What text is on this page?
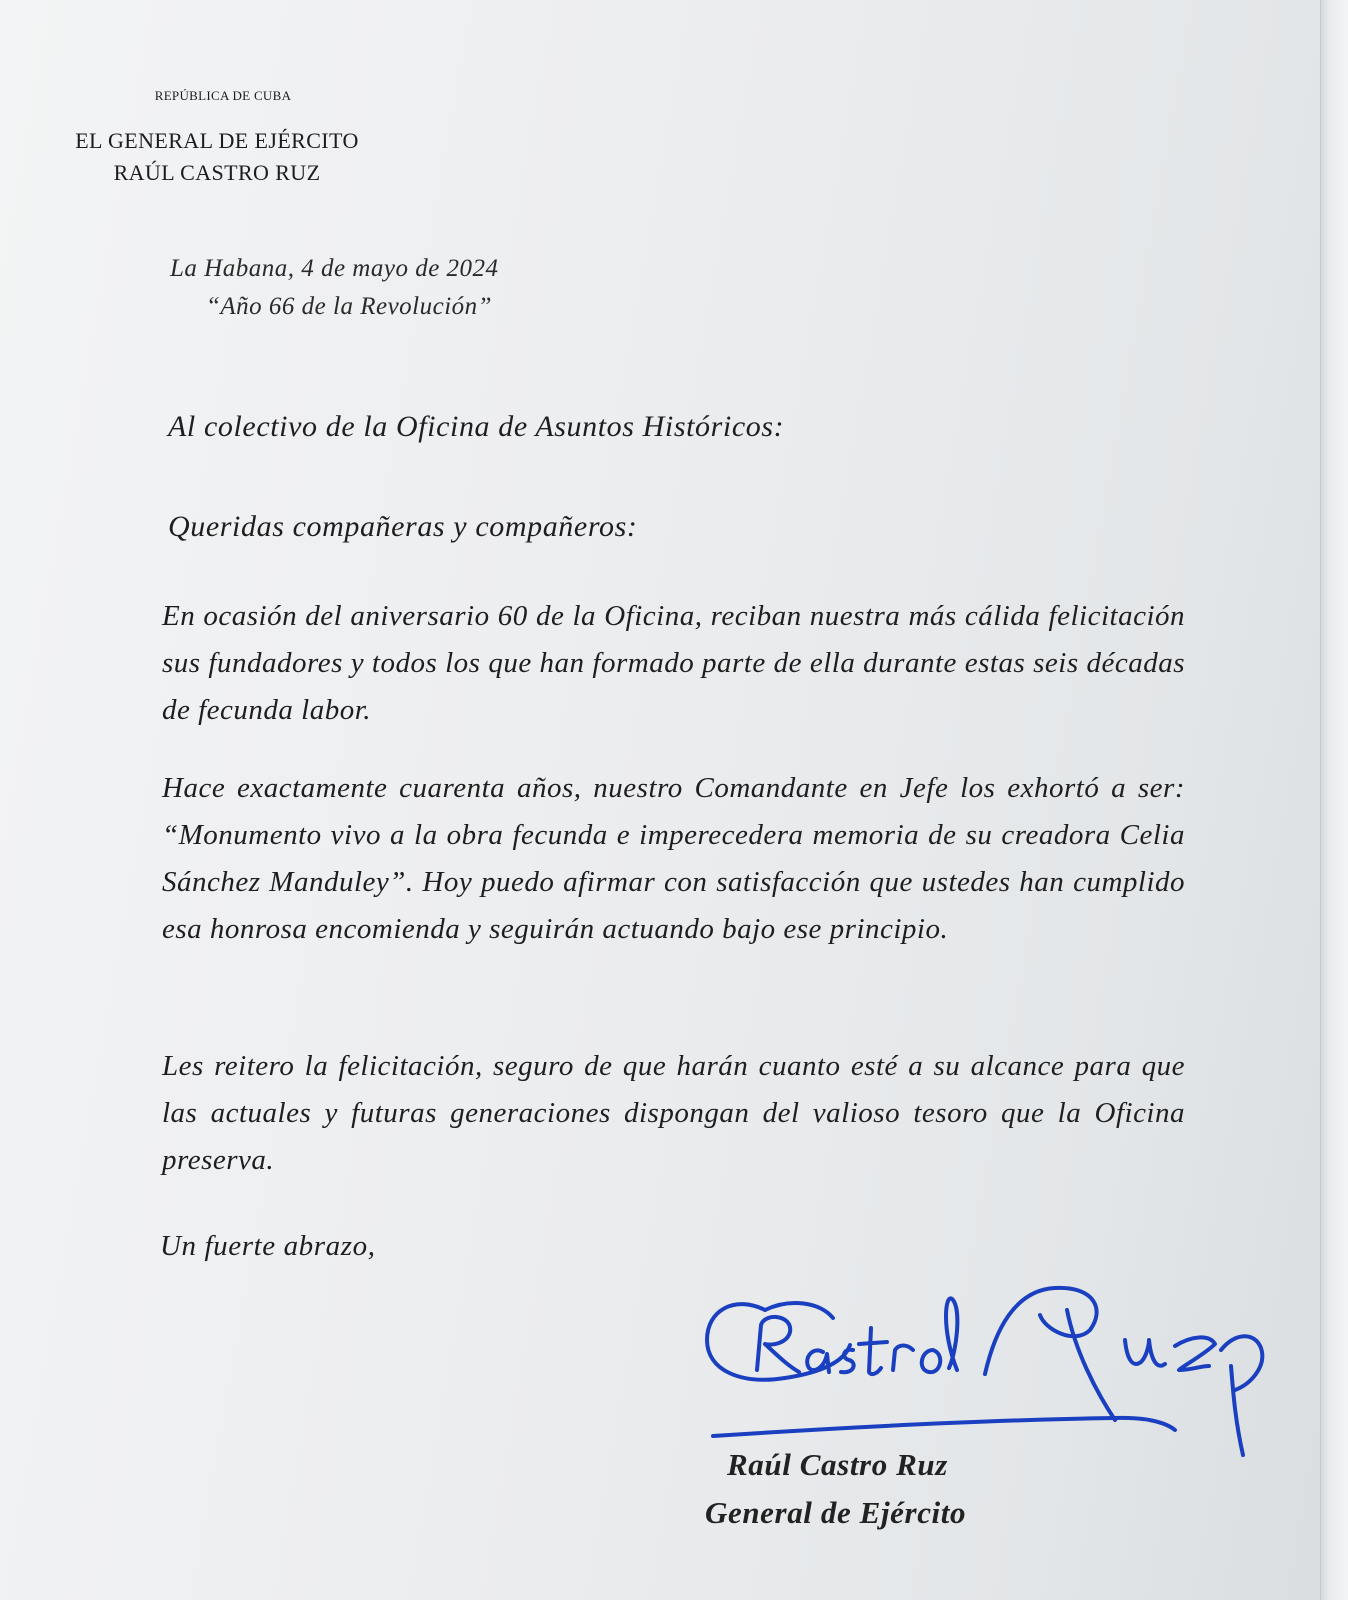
REPÚBLICA DE CUBA
EL GENERAL DE EJÉRCITO
RAÚL CASTRO RUZ
La Habana, 4 de mayo de 2024
“Año 66 de la Revolución”
Al colectivo de la Oficina de Asuntos Históricos:
Queridas compañeras y compañeros:
En ocasión del aniversario 60 de la Oficina, reciban nuestra más cálida felicitación sus fundadores y todos los que han formado parte de ella durante estas seis décadas de fecunda labor.
Hace exactamente cuarenta años, nuestro Comandante en Jefe los exhortó a ser: “Monumento vivo a la obra fecunda e imperecedera memoria de su creadora Celia Sánchez Manduley”. Hoy puedo afirmar con satisfacción que ustedes han cumplido esa honrosa encomienda y seguirán actuando bajo ese principio.
Les reitero la felicitación, seguro de que harán cuanto esté a su alcance para que las actuales y futuras generaciones dispongan del valioso tesoro que la Oficina preserva.
Un fuerte abrazo,
Raúl Castro Ruz
General de Ejército
